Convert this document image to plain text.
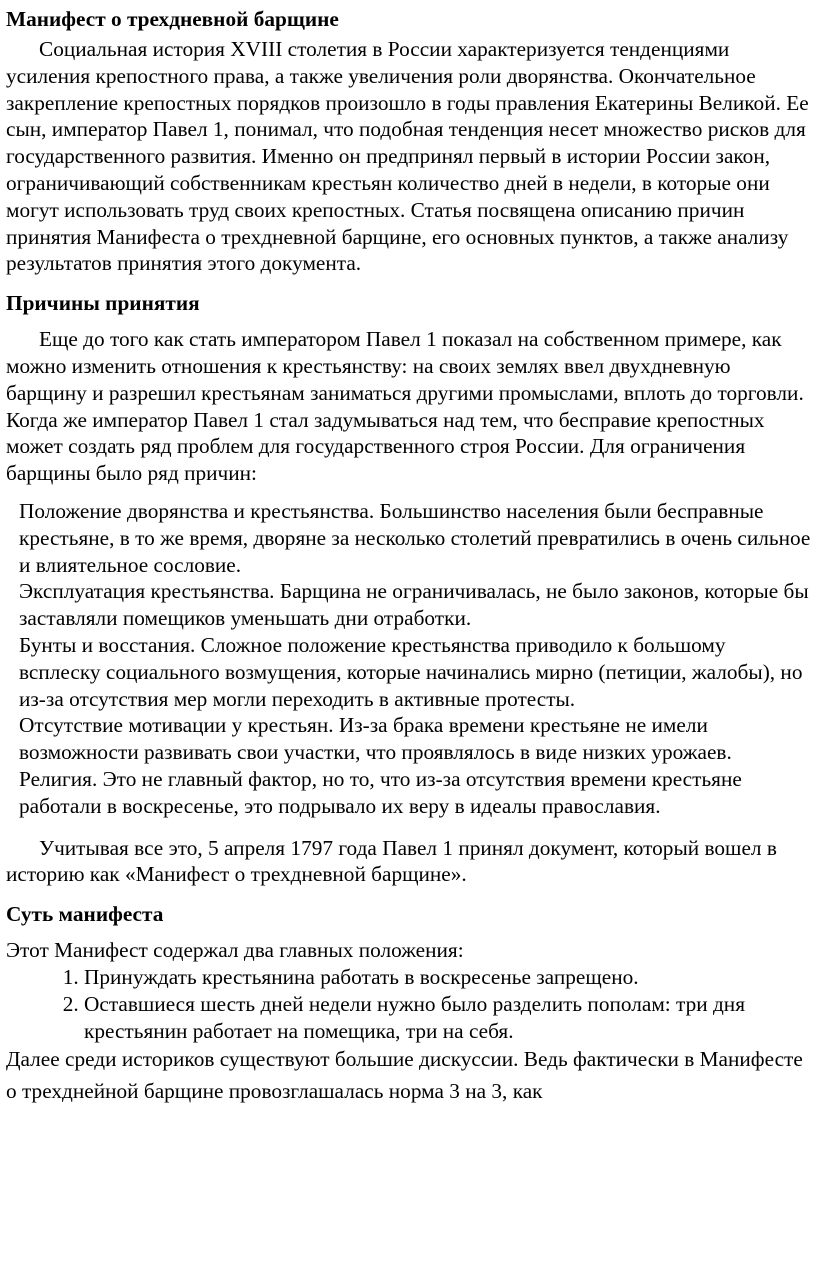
Манифест о трехдневной барщине

Социальная история XVIII столетия в России характеризуется тенденциями усиления крепостного права, а также увеличения роли дворянства. Окончательное закрепление крепостных порядков произошло в годы правления Екатерины Великой. Ее сын, император Павел 1, понимал, что подобная тенденция несет множество рисков для государственного развития. Именно он предпринял первый в истории России закон, ограничивающий собственникам крестьян количество дней в недели, в которые они могут использовать труд своих крепостных. Статья посвящена описанию причин принятия Манифеста о трехдневной барщине, его основных пунктов, а также анализу результатов принятия этого документа.

Причины принятия

Еще до того как стать императором Павел 1 показал на собственном примере, как можно изменить отношения к крестьянству: на своих землях ввел двухдневную барщину и разрешил крестьянам заниматься другими промыслами, вплоть до торговли. Когда же император Павел 1 стал задумываться над тем, что бесправие крепостных может создать ряд проблем для государственного строя России. Для ограничения барщины было ряд причин:

Положение дворянства и крестьянства. Большинство населения были бесправные крестьяне, в то же время, дворяне за несколько столетий превратились в очень сильное и влиятельное сословие.
Эксплуатация крестьянства. Барщина не ограничивалась, не было законов, которые бы заставляли помещиков уменьшать дни отработки.
Бунты и восстания. Сложное положение крестьянства приводило к большому всплеску социального возмущения, которые начинались мирно (петиции, жалобы), но из-за отсутствия мер могли переходить в активные протесты.
Отсутствие мотивации у крестьян. Из-за брака времени крестьяне не имели возможности развивать свои участки, что проявлялось в виде низких урожаев.
Религия. Это не главный фактор, но то, что из-за отсутствия времени крестьяне работали в воскресенье, это подрывало их веру в идеалы православия.

Учитывая все это, 5 апреля 1797 года Павел 1 принял документ, который вошел в историю как «Манифест о трехдневной барщине».

Суть манифеста

Этот Манифест содержал два главных положения:

1. Принуждать крестьянина работать в воскресенье запрещено.
2. Оставшиеся шесть дней недели нужно было разделить пополам: три дня крестьянин работает на помещика, три на себя.

Далее среди историков существуют большие дискуссии. Ведь фактически в Манифесте о трехднейной барщине провозглашалась норма 3 на 3, как
